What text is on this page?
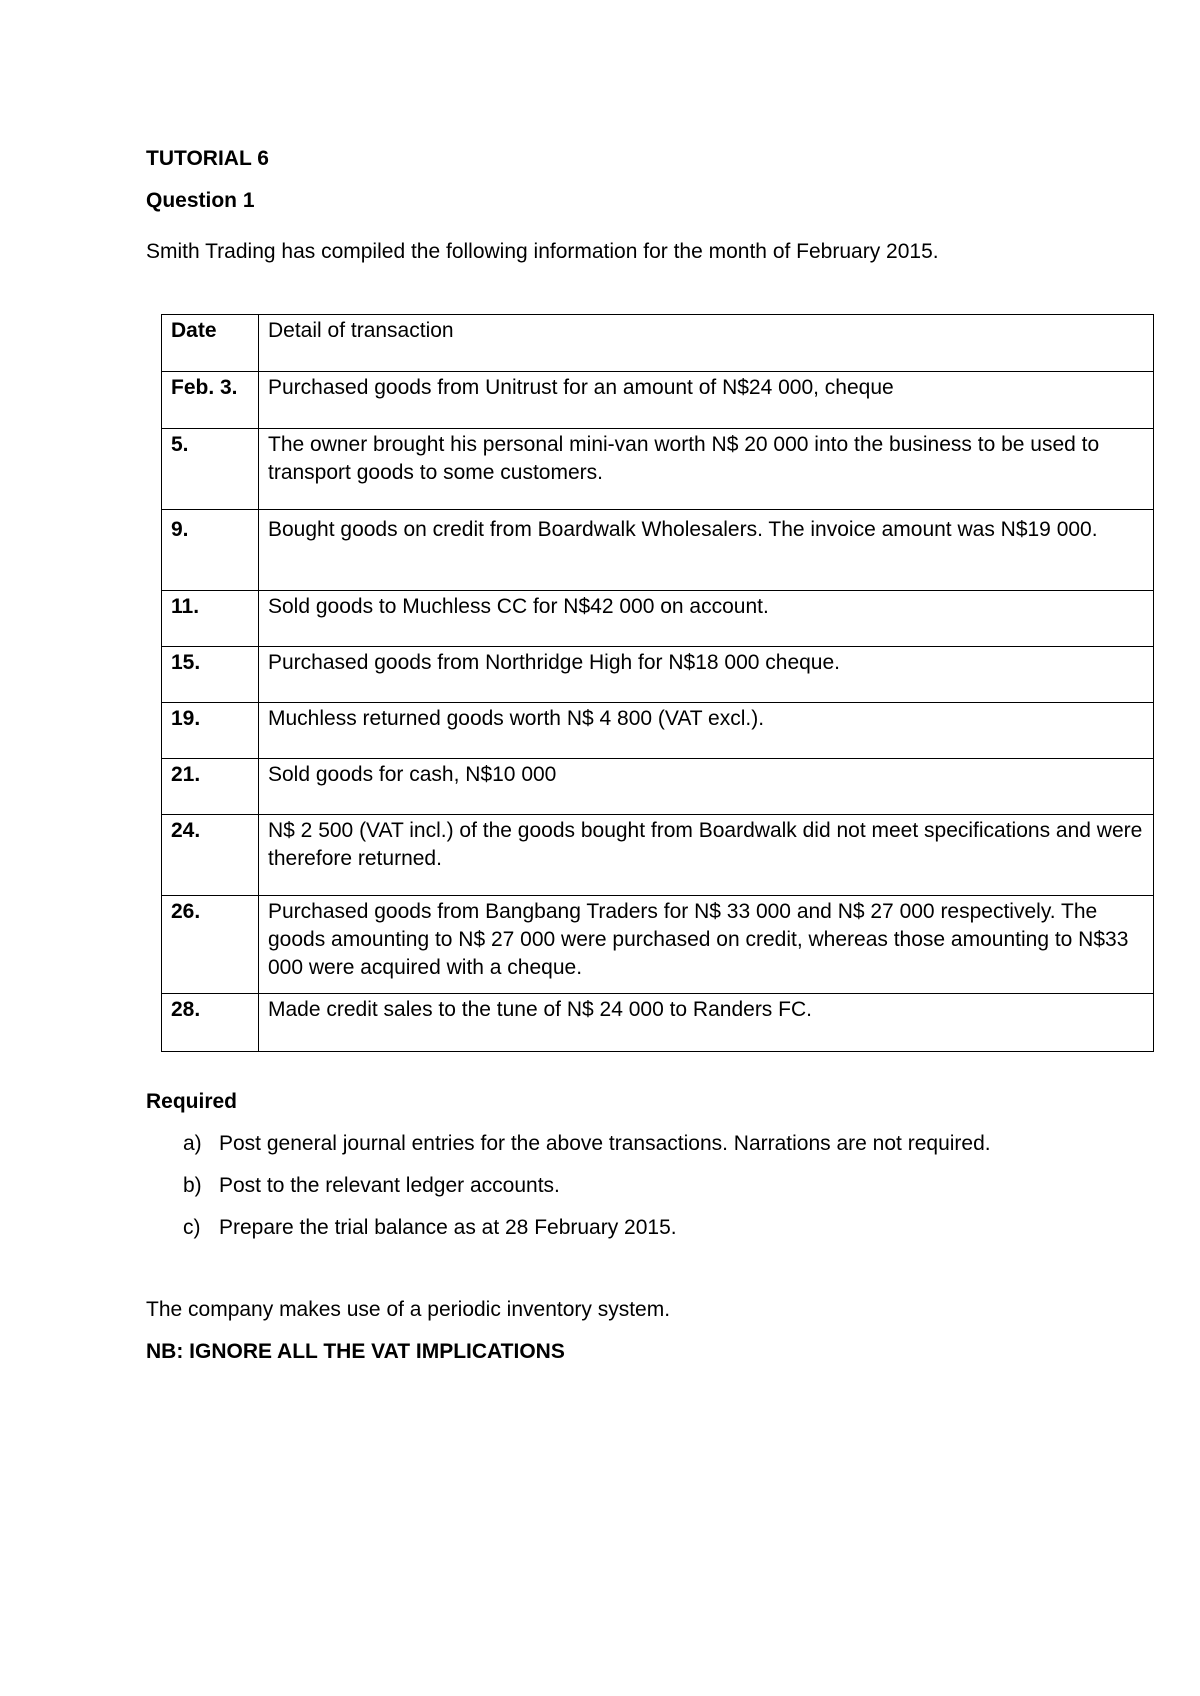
TUTORIAL 6
Question 1
Smith Trading has compiled the following information for the month of February 2015.
Date	Detail of transaction
Feb. 3.	Purchased goods from Unitrust for an amount of N$24 000, cheque
5.	The owner brought his personal mini-van worth N$ 20 000 into the business to be used to transport goods to some customers.
9.	Bought goods on credit from Boardwalk Wholesalers. The invoice amount was N$19 000.
11.	Sold goods to Muchless CC for N$42 000 on account.
15.	Purchased goods from Northridge High for N$18 000 cheque.
19.	Muchless returned goods worth N$ 4 800 (VAT excl.).
21.	Sold goods for cash, N$10 000
24.	N$ 2 500 (VAT incl.) of the goods bought from Boardwalk did not meet specifications and were therefore returned.
26.	Purchased goods from Bangbang Traders for N$ 33 000 and N$ 27 000 respectively. The goods amounting to N$ 27 000 were purchased on credit, whereas those amounting to N$33 000 were acquired with a cheque.
28.	Made credit sales to the tune of N$ 24 000 to Randers FC.
Required
a) Post general journal entries for the above transactions. Narrations are not required.
b) Post to the relevant ledger accounts.
c) Prepare the trial balance as at 28 February 2015.
The company makes use of a periodic inventory system.
NB: IGNORE ALL THE VAT IMPLICATIONS
